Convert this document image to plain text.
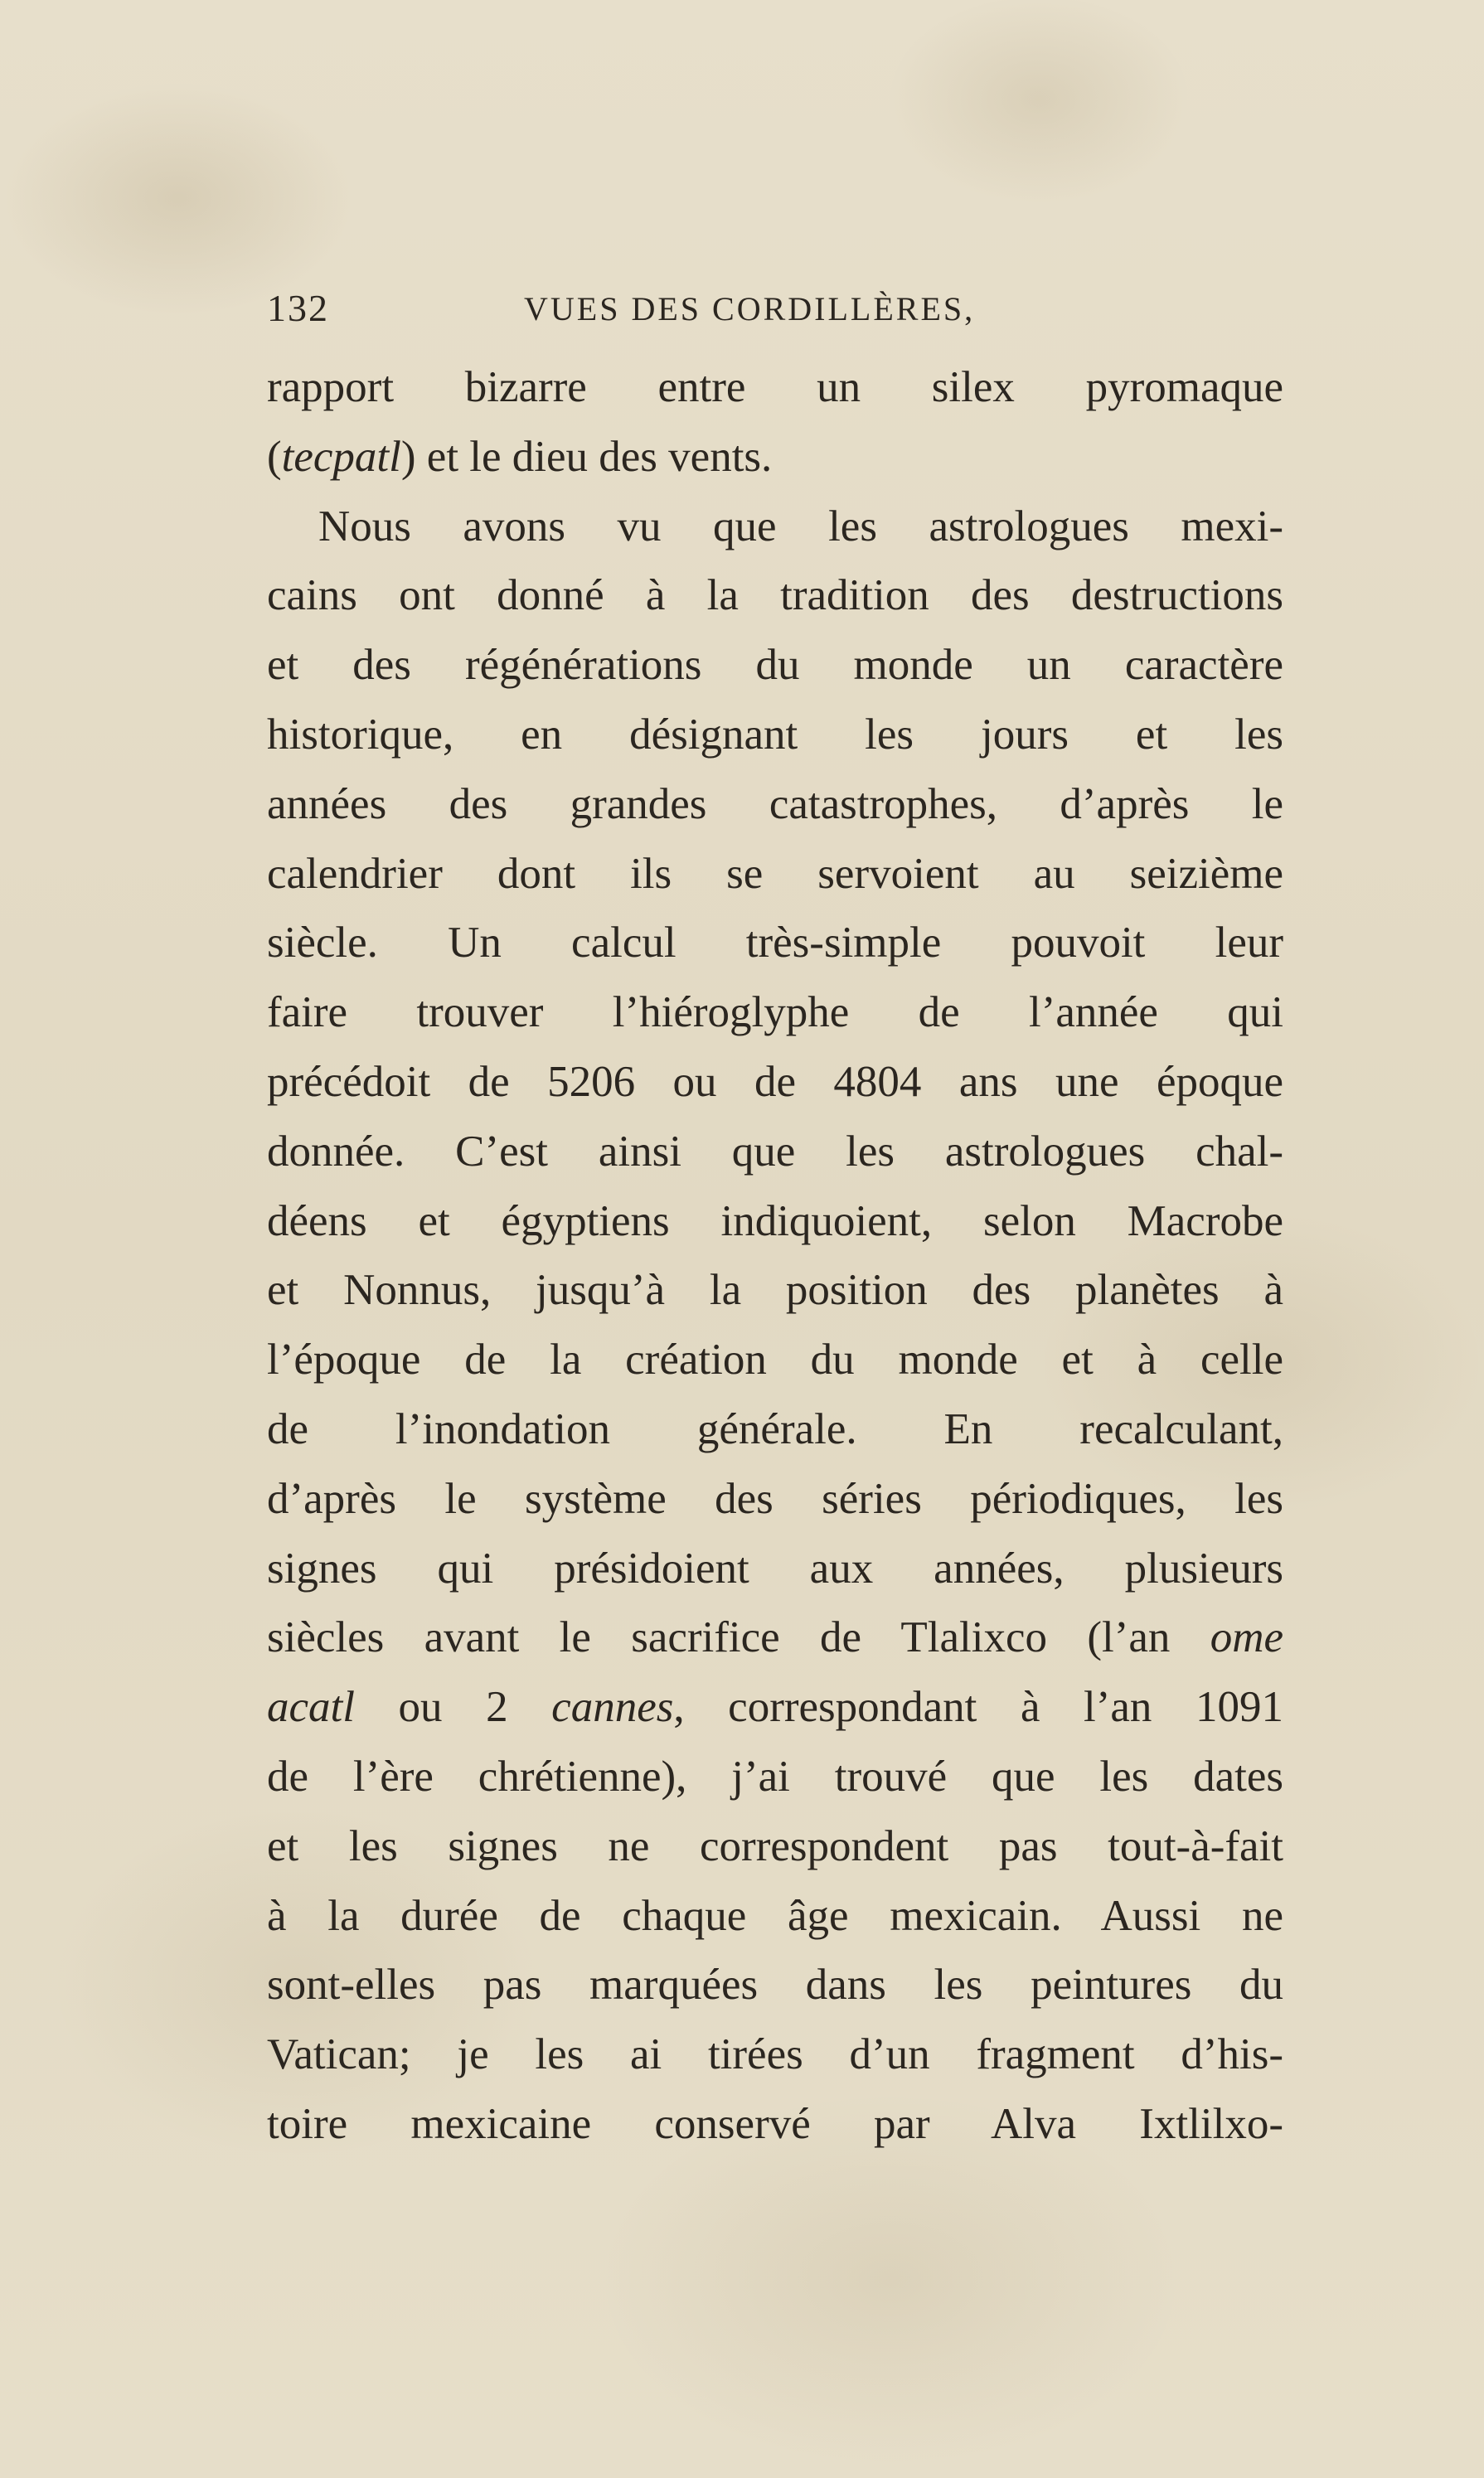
132	VUES DES CORDILLÈRES,
rapport bizarre entre un silex pyromaque
(tecpatl) et le dieu des vents.
Nous avons vu que les astrologues mexi-
cains ont donné à la tradition des destructions
et des régénérations du monde un caractère
historique, en désignant les jours et les
années des grandes catastrophes, d’après le
calendrier dont ils se servoient au seizième
siècle. Un calcul très-simple pouvoit leur
faire trouver l’hiéroglyphe de l’année qui
précédoit de 5206 ou de 4804 ans une époque
donnée. C’est ainsi que les astrologues chal-
déens et égyptiens indiquoient, selon Macrobe
et Nonnus, jusqu’à la position des planètes à
l’époque de la création du monde et à celle
de l’inondation générale. En recalculant,
d’après le système des séries périodiques, les
signes qui présidoient aux années, plusieurs
siècles avant le sacrifice de Tlalixco (l’an ome
acatl ou 2 cannes, correspondant à l’an 1091
de l’ère chrétienne), j’ai trouvé que les dates
et les signes ne correspondent pas tout-à-fait
à la durée de chaque âge mexicain. Aussi ne
sont-elles pas marquées dans les peintures du
Vatican; je les ai tirées d’un fragment d’his-
toire mexicaine conservé par Alva Ixtlilxo-
